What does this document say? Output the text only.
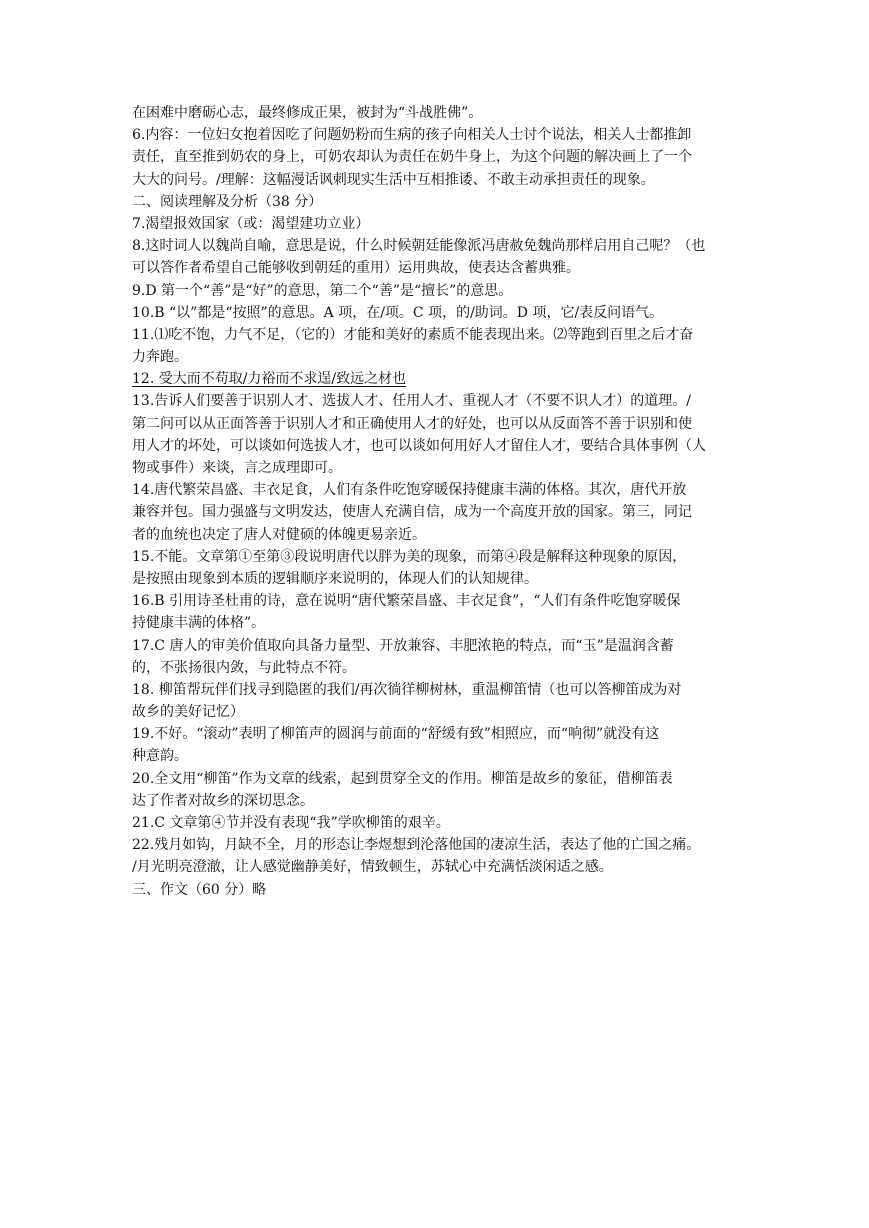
在困难中磨砺心志，最终修成正果，被封为“斗战胜佛”。
6.内容：一位妇女抱着因吃了问题奶粉而生病的孩子向相关人士讨个说法，相关人士都推卸
责任，直至推到奶农的身上，可奶农却认为责任在奶牛身上，为这个问题的解决画上了一个
大大的问号。/理解：这幅漫话讽刺现实生活中互相推诿、不敢主动承担责任的现象。
二、阅读理解及分析（38 分）
7.渴望报效国家（或：渴望建功立业）
8.这时词人以魏尚自喻，意思是说，什么时候朝廷能像派冯唐赦免魏尚那样启用自己呢？（也
可以答作者希望自己能够收到朝廷的重用）运用典故，使表达含蓄典雅。
9.D 第一个“善”是“好”的意思，第二个“善”是“擅长”的意思。
10.B “以”都是“按照”的意思。A 项，在/项。C 项，的/助词。D 项，它/表反问语气。
11.⑴吃不饱，力气不足，（它的）才能和美好的素质不能表现出来。⑵等跑到百里之后才奋
力奔跑。
12. 受大而不苟取/力裕而不求逞/致远之材也
13.告诉人们要善于识别人才、选拔人才、任用人才、重视人才（不要不识人才）的道理。/
第二问可以从正面答善于识别人才和正确使用人才的好处，也可以从反面答不善于识别和使
用人才的坏处，可以谈如何选拔人才，也可以谈如何用好人才留住人才，要结合具体事例（人
物或事件）来谈，言之成理即可。
14.唐代繁荣昌盛、丰衣足食，人们有条件吃饱穿暖保持健康丰满的体格。其次，唐代开放
兼容并包。国力强盛与文明发达，使唐人充满自信，成为一个高度开放的国家。第三，同记
者的血统也决定了唐人对健硕的体魄更易亲近。
15.不能。文章第①至第③段说明唐代以胖为美的现象，而第④段是解释这种现象的原因，
是按照由现象到本质的逻辑顺序来说明的，体现人们的认知规律。
16.B 引用诗圣杜甫的诗，意在说明“唐代繁荣昌盛、丰衣足食”，“人们有条件吃饱穿暖保
持健康丰满的体格”。
17.C 唐人的审美价值取向具备力量型、开放兼容、丰肥浓艳的特点，而“玉”是温润含蓄
的，不张扬很内敛，与此特点不符。
18. 柳笛帮玩伴们找寻到隐匿的我们/再次徜徉柳树林，重温柳笛情（也可以答柳笛成为对
故乡的美好记忆）
19.不好。“滚动”表明了柳笛声的圆润与前面的“舒缓有致”相照应，而“响彻”就没有这
种意韵。
20.全文用“柳笛”作为文章的线索，起到贯穿全文的作用。柳笛是故乡的象征，借柳笛表
达了作者对故乡的深切思念。
21.C 文章第④节并没有表现“我”学吹柳笛的艰辛。
22.残月如钩，月缺不全，月的形态让李煜想到沦落他国的凄凉生活，表达了他的亡国之痛。
/月光明亮澄澈，让人感觉幽静美好，情致顿生，苏轼心中充满恬淡闲适之感。
三、作文（60 分）略
